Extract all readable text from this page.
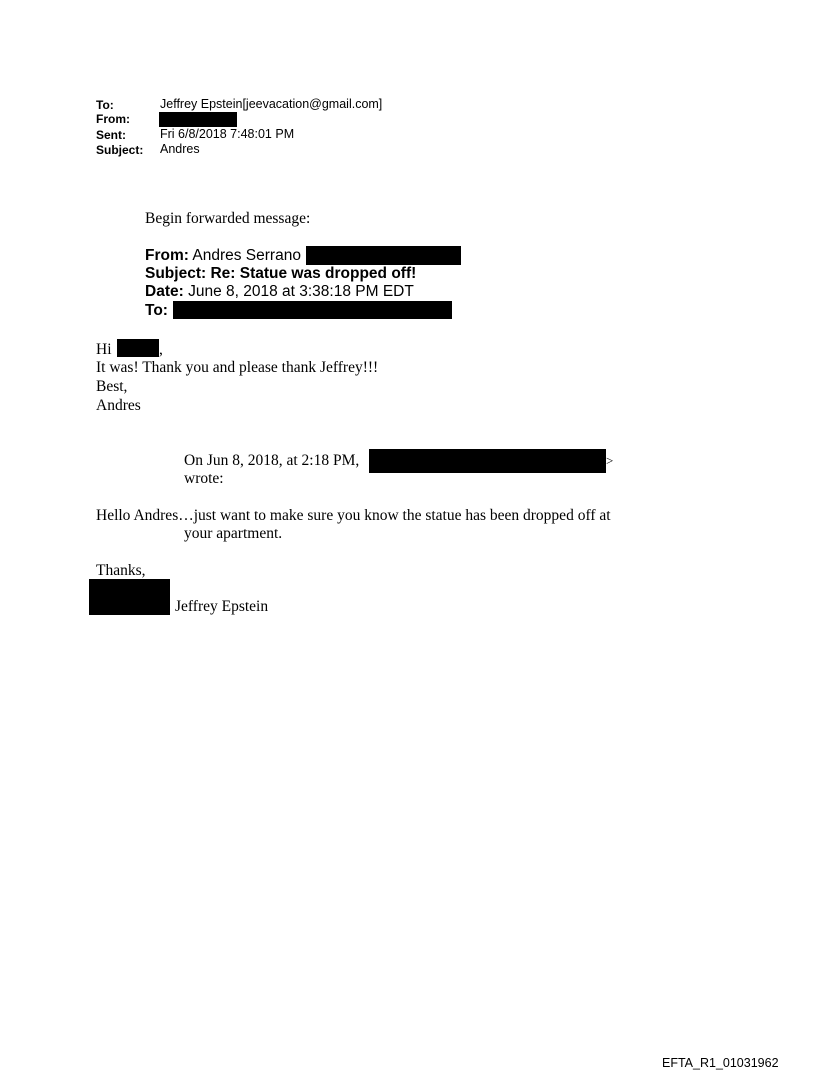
To:	Jeffrey Epstein[jeevacation@gmail.com]
From:
Sent:	Fri 6/8/2018 7:48:01 PM
Subject: Andres
Begin forwarded message:
From: Andres Serrano
Subject: Re: Statue was dropped off!
Date: June 8, 2018 at 3:38:18 PM EDT
To:
Hi	,
It was! Thank you and please thank Jeffrey!!!
Best,
Andres
On Jun 8, 2018, at 2:18 PM,	>
wrote:
Hello Andres…just want to make sure you know the statue has been dropped off at
your apartment.
Thanks,
Jeffrey Epstein
EFTA_R1_01031962
